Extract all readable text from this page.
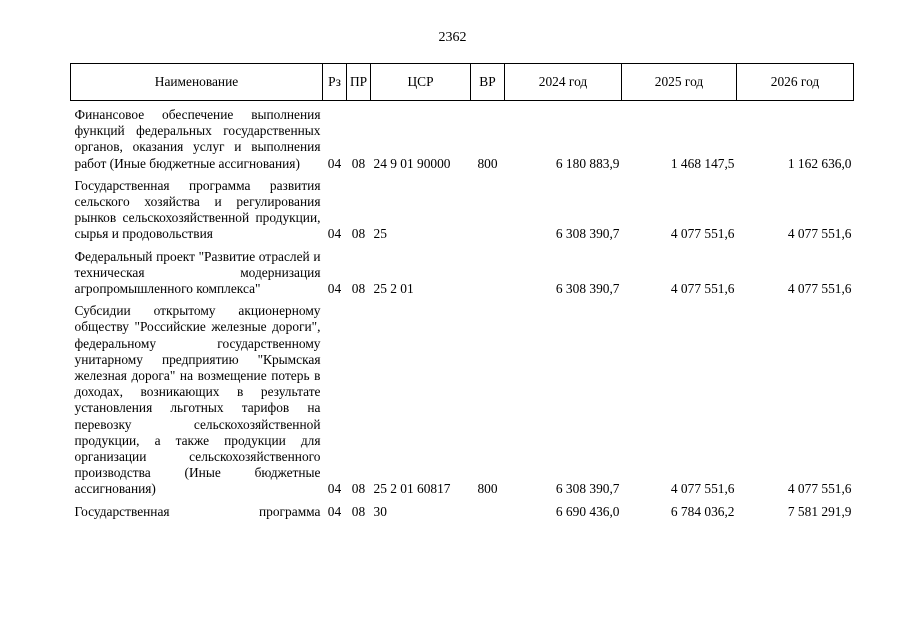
2362
Наименование	Рз	ПР	ЦСР	ВР	2024 год	2025 год	2026 год

Финансовое обеспечение выполнения функций федеральных государственных органов, оказания услуг и выполнения работ (Иные бюджетные ассигнования)	04	08	24 9 01 90000	800	6 180 883,9	1 468 147,5	1 162 636,0

Государственная программа развития сельского хозяйства и регулирования рынков сельскохозяйственной продукции, сырья и продовольствия	04	08	25		6 308 390,7	4 077 551,6	4 077 551,6

Федеральный проект "Развитие отраслей и техническая модернизация агропромышленного комплекса"	04	08	25 2 01		6 308 390,7	4 077 551,6	4 077 551,6

Субсидии открытому акционерному обществу "Российские железные дороги", федеральному государственному унитарному предприятию "Крымская железная дорога" на возмещение потерь в доходах, возникающих в результате установления льготных тарифов на перевозку сельскохозяйственной продукции, а также продукции для организации сельскохозяйственного производства (Иные бюджетные ассигнования)	04	08	25 2 01 60817	800	6 308 390,7	4 077 551,6	4 077 551,6

Государственная программа	04	08	30		6 690 436,0	6 784 036,2	7 581 291,9
